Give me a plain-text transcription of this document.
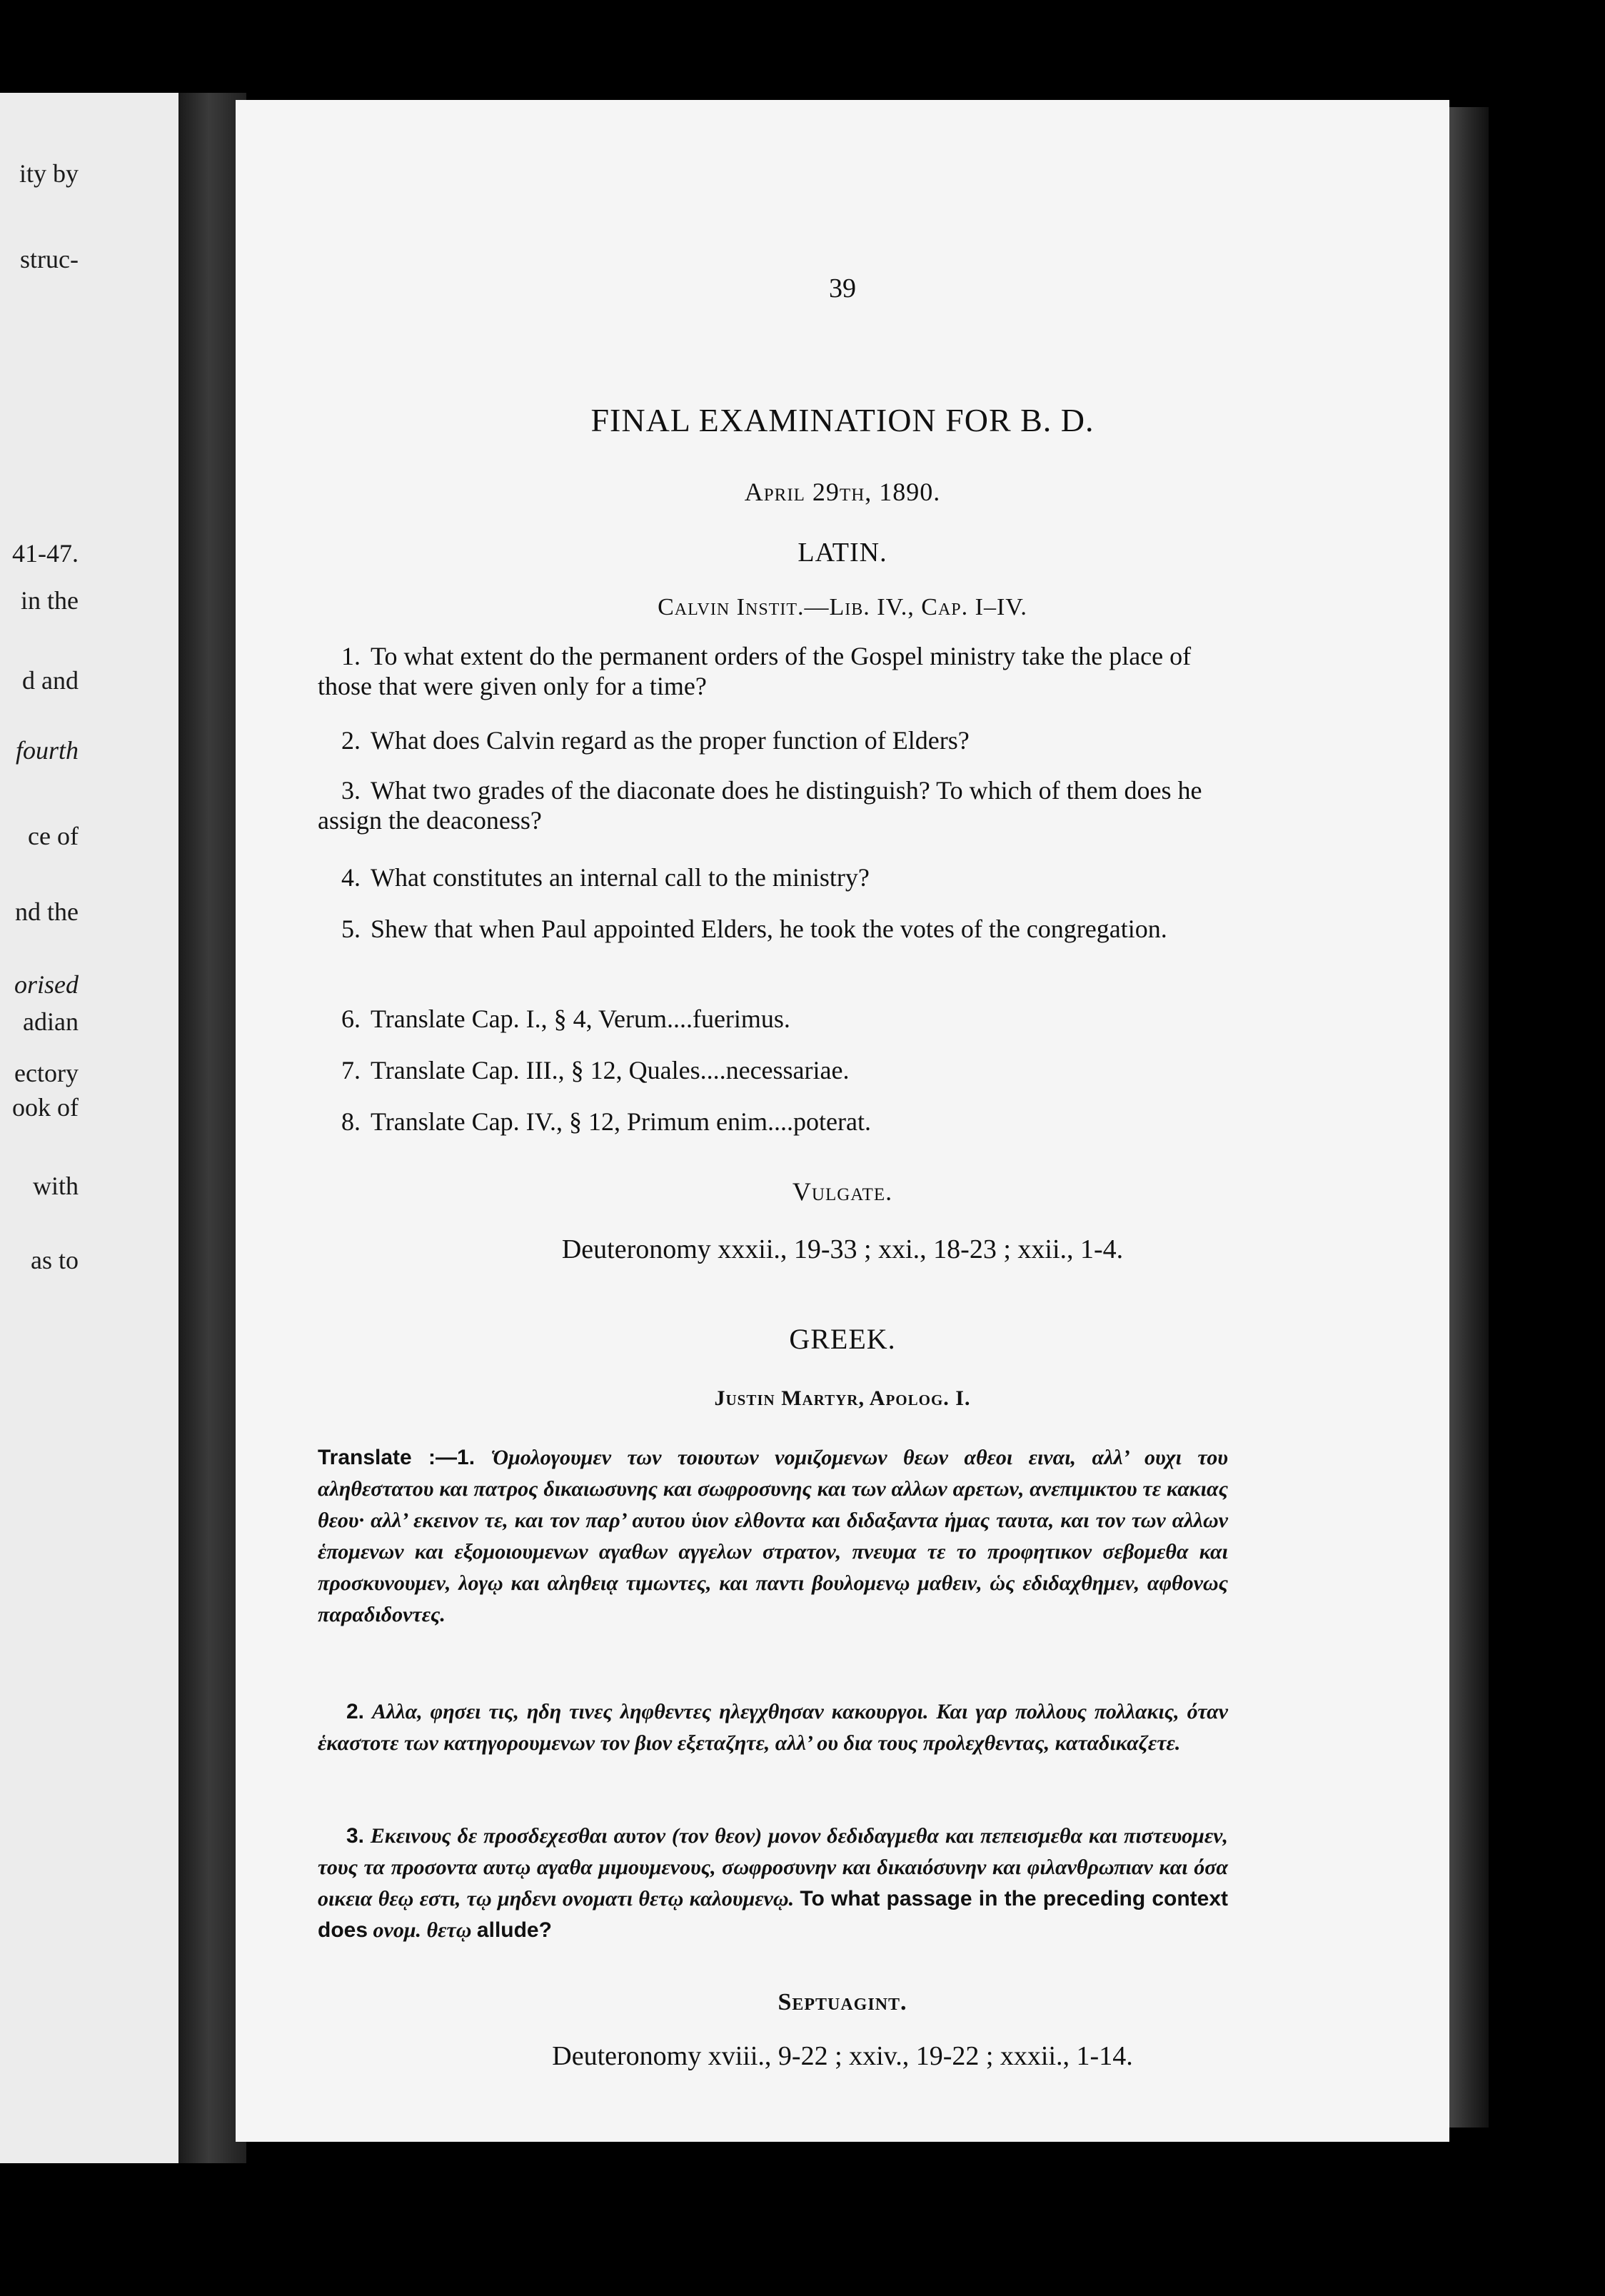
ity by
struc-
41-47.
in the
d and
fourth
ce of
nd the
orised
adian
ectory
ook of
with
as to
39
FINAL EXAMINATION FOR B. D.
April 29th, 1890.
LATIN.
Calvin Instit.—Lib. IV., Cap. I–IV.
1. To what extent do the permanent orders of the Gospel ministry take the place of those that were given only for a time?
2. What does Calvin regard as the proper function of Elders?
3. What two grades of the diaconate does he distinguish? To which of them does he assign the deaconess?
4. What constitutes an internal call to the ministry?
5. Shew that when Paul appointed Elders, he took the votes of the congregation.
6. Translate Cap. I., § 4, Verum....fuerimus.
7. Translate Cap. III., § 12, Quales....necessariae.
8. Translate Cap. IV., § 12, Primum enim....poterat.
Vulgate.
Deuteronomy xxxii., 19-33 ; xxi., 18-23 ; xxii., 1-4.
GREEK.
Justin Martyr, Apolog. I.
Translate :—1. Ὁμολογουμεν των τοιουτων νομιζομενων θεων αθεοι ειναι, αλλ’ ουχι του αληθεστατου και πατρος δικαιωσυνης και σωφροσυνης και των αλλων αρετων, ανεπιμικτου τε κακιας θεου· αλλ’ εκεινον τε, και τον παρ’ αυτου ὑιον ελθοντα και διδαξαντα ἡμας ταυτα, και τον των αλλων ἑπομενων και εξομοιουμενων αγαθων αγγελων στρατον, πνευμα τε το προφητικον σεβομεθα και προσκυνουμεν, λογῳ και αληθειᾳ τιμωντες, και παντι βουλομενῳ μαθειν, ὡς εδιδαχθημεν, αφθονως παραδιδοντες.
2. Αλλα, φησει τις, ηδη τινες ληφθεντες ηλεγχθησαν κακουργοι. Και γαρ πολλους πολλακις, όταν ἑκαστοτε των κατηγορουμενων τον βιον εξεταζητε, αλλ’ ου δια τους προλεχθεντας, καταδικαζετε.
3. Εκεινους δε προσδεχεσθαι αυτον (τον θεον) μονον δεδιδαγμεθα και πεπεισμεθα και πιστευομεν, τους τα προσοντα αυτῳ αγαθα μιμουμενους, σωφροσυνην και δικαιόσυνην και φιλανθρωπιαν και όσα οικεια θεῳ εστι, τῳ μηδενι ονοματι θετῳ καλουμενῳ. To what passage in the preceding context does ονομ. θετῳ allude?
Septuagint.
Deuteronomy xviii., 9-22 ; xxiv., 19-22 ; xxxii., 1-14.
